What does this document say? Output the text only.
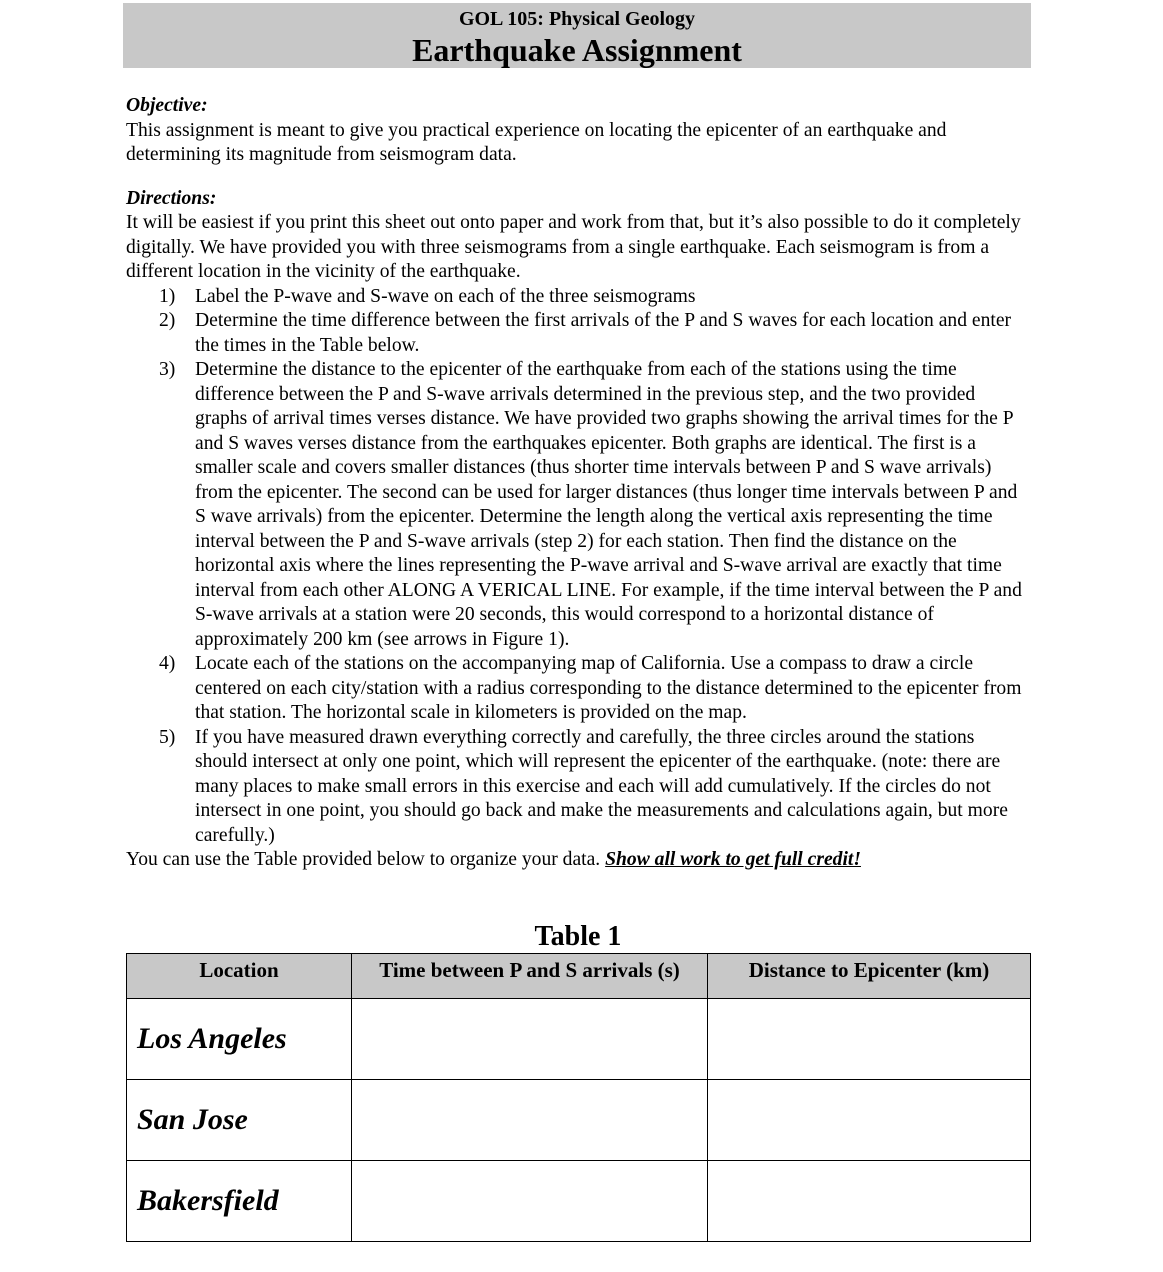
GOL 105: Physical Geology
Earthquake Assignment

Objective:

This assignment is meant to give you practical experience on locating the epicenter of an earthquake and determining its magnitude from seismogram data.

Directions:

It will be easiest if you print this sheet out onto paper and work from that, but it’s also possible to do it completely digitally. We have provided you with three seismograms from a single earthquake. Each seismogram is from a different location in the vicinity of the earthquake.

1) Label the P-wave and S-wave on each of the three seismograms
2) Determine the time difference between the first arrivals of the P and S waves for each location and enter the times in the Table below.
3) Determine the distance to the epicenter of the earthquake from each of the stations using the time difference between the P and S-wave arrivals determined in the previous step, and the two provided graphs of arrival times verses distance. We have provided two graphs showing the arrival times for the P and S waves verses distance from the earthquakes epicenter. Both graphs are identical. The first is a smaller scale and covers smaller distances (thus shorter time intervals between P and S wave arrivals) from the epicenter. The second can be used for larger distances (thus longer time intervals between P and S wave arrivals) from the epicenter. Determine the length along the vertical axis representing the time interval between the P and S-wave arrivals (step 2) for each station. Then find the distance on the horizontal axis where the lines representing the P-wave arrival and S-wave arrival are exactly that time interval from each other ALONG A VERICAL LINE. For example, if the time interval between the P and S-wave arrivals at a station were 20 seconds, this would correspond to a horizontal distance of approximately 200 km (see arrows in Figure 1).
4) Locate each of the stations on the accompanying map of California. Use a compass to draw a circle centered on each city/station with a radius corresponding to the distance determined to the epicenter from that station. The horizontal scale in kilometers is provided on the map.
5) If you have measured drawn everything correctly and carefully, the three circles around the stations should intersect at only one point, which will represent the epicenter of the earthquake. (note: there are many places to make small errors in this exercise and each will add cumulatively. If the circles do not intersect in one point, you should go back and make the measurements and calculations again, but more carefully.)

You can use the Table provided below to organize your data. Show all work to get full credit!

Table 1
Location	Time between P and S arrivals (s)	Distance to Epicenter (km)

Los Angeles		

San Jose		

Bakersfield		
